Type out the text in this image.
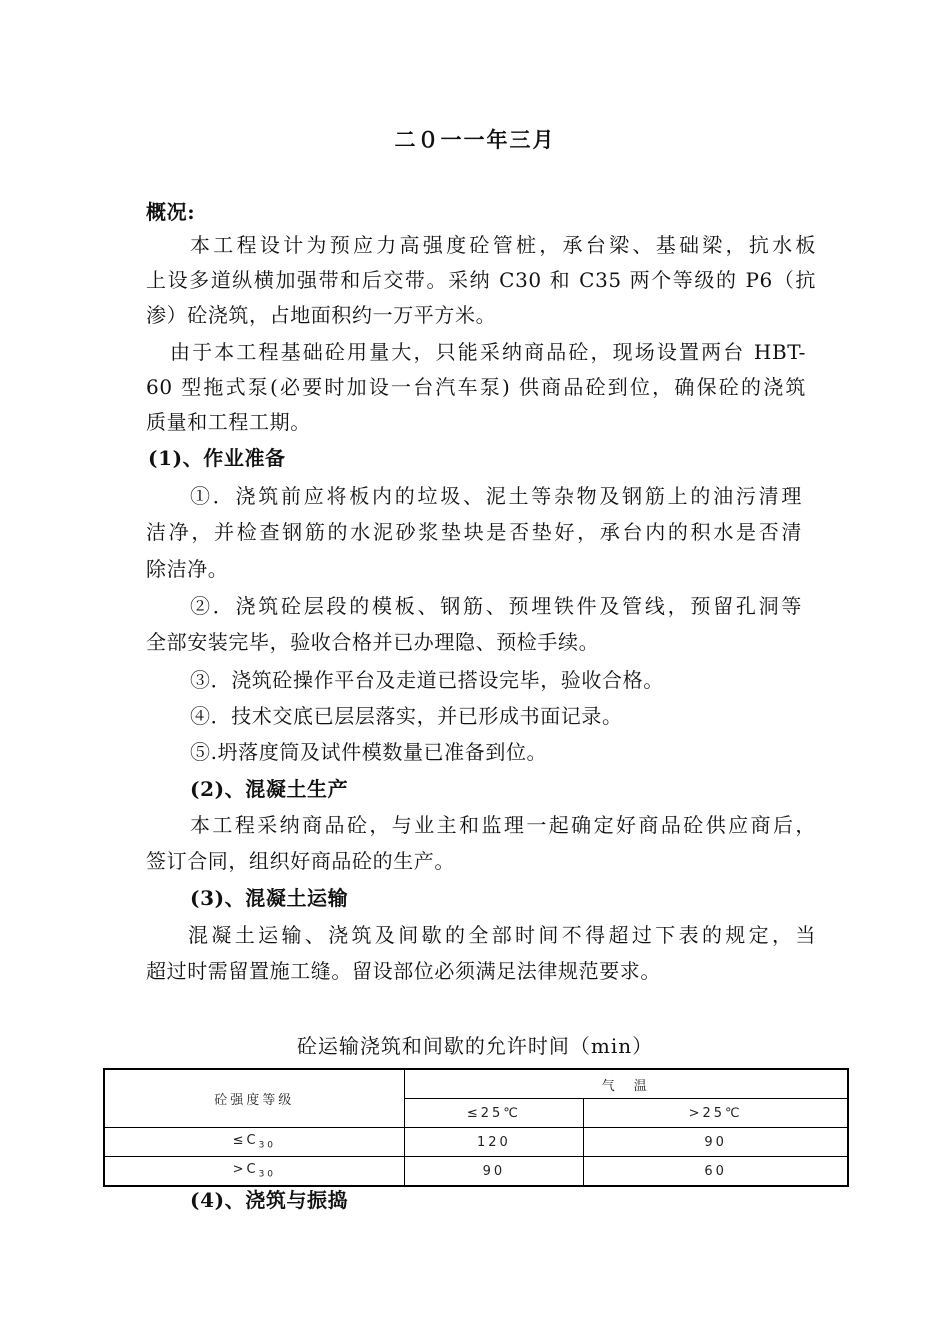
二０一一年三月
概况:
本工程设计为预应力高强度砼管桩，承台梁、基础梁，抗水板
上设多道纵横加强带和后交带。采纳 C30 和 C35 两个等级的 P6（抗
渗）砼浇筑，占地面积约一万平方米。
由于本工程基础砼用量大，只能采纳商品砼，现场设置两台 HBT-
60 型拖式泵(必要时加设一台汽车泵) 供商品砼到位，确保砼的浇筑
质量和工程工期。
(1)、作业准备
①．浇筑前应将板内的垃圾、泥土等杂物及钢筋上的油污清理
洁净，并检查钢筋的水泥砂浆垫块是否垫好，承台内的积水是否清
除洁净。
②．浇筑砼层段的模板、钢筋、预埋铁件及管线，预留孔洞等
全部安装完毕，验收合格并已办理隐、预检手续。
③．浇筑砼操作平台及走道已搭设完毕，验收合格。
④．技术交底已层层落实，并已形成书面记录。
⑤.坍落度筒及试件模数量已准备到位。
(2)、混凝土生产
本工程采纳商品砼，与业主和监理一起确定好商品砼供应商后，
签订合同，组织好商品砼的生产。
(3)、混凝土运输
混凝土运输、浇筑及间歇的全部时间不得超过下表的规定，当
超过时需留置施工缝。留设部位必须满足法律规范要求。
砼运输浇筑和间歇的允许时间（min）
砼强度等级	气　温	
	≤25℃	>25℃
$\le C_{30}$	120	90
$>C_{30}$	90	60
(4)、浇筑与振捣
